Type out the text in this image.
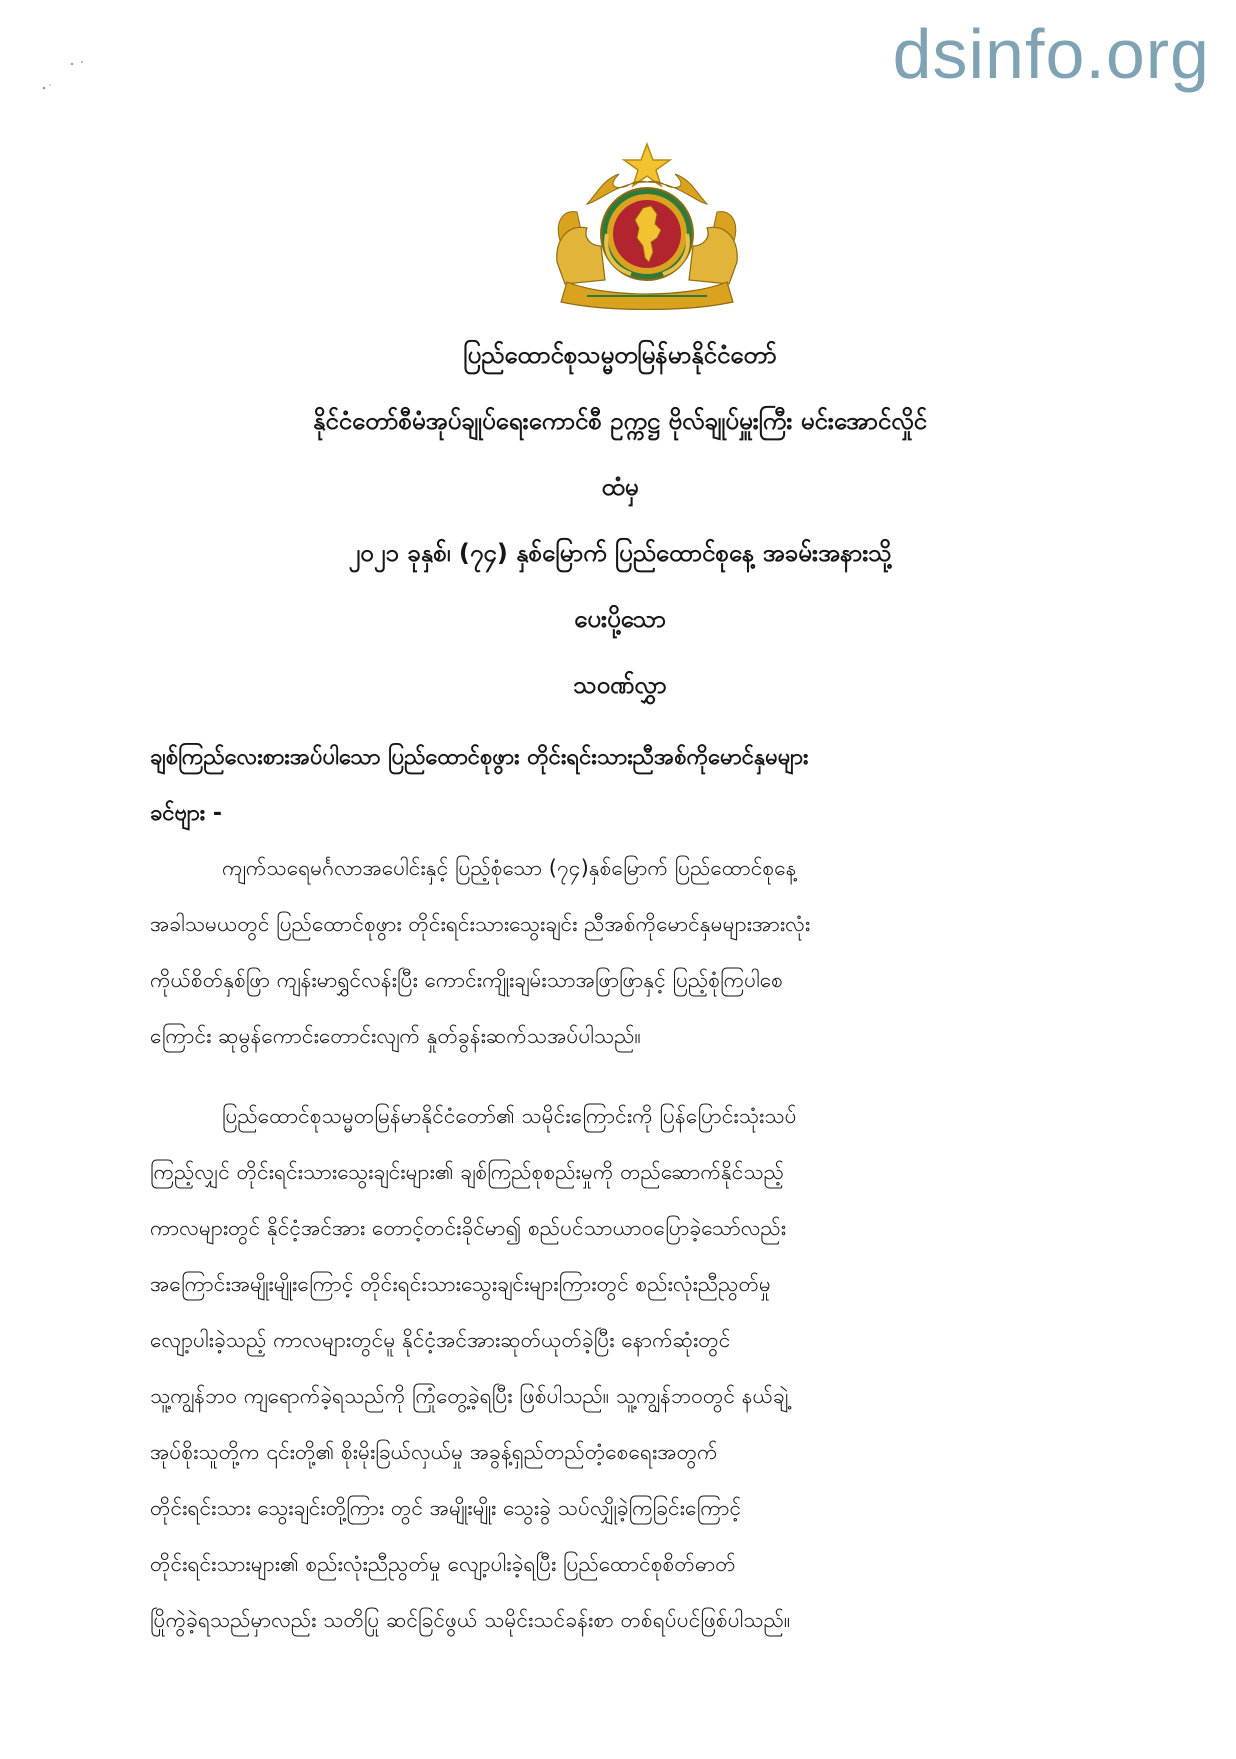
dsinfo.org
ပြည်ထောင်စုသမ္မတမြန်မာနိုင်ငံတော်
နိုင်ငံတော်စီမံအုပ်ချုပ်ရေးကောင်စီ ဥက္ကဋ္ဌ ဗိုလ်ချုပ်မှူးကြီး မင်းအောင်လှိုင်
ထံမှ
၂၀၂၁ ခုနှစ်၊ (၇၄) နှစ်မြောက် ပြည်ထောင်စုနေ့ အခမ်းအနားသို့
ပေးပို့သော
သဝဏ်လွှာ
ချစ်ကြည်လေးစားအပ်ပါသော ပြည်ထောင်စုဖွား တိုင်းရင်းသားညီအစ်ကိုမောင်နှမများ
ခင်ဗျား -
ကျက်သရေမင်္ဂလာအပေါင်းနှင့် ပြည့်စုံသော (၇၄)နှစ်မြောက် ပြည်ထောင်စုနေ့
အခါသမယတွင် ပြည်ထောင်စုဖွား တိုင်းရင်းသားသွေးချင်း ညီအစ်ကိုမောင်နှမများအားလုံး
ကိုယ်စိတ်နှစ်ဖြာ ကျန်းမာရွှင်လန်းပြီး ကောင်းကျိုးချမ်းသာအဖြာဖြာနှင့် ပြည့်စုံကြပါစေ
ကြောင်း ဆုမွန်ကောင်းတောင်းလျက် နှုတ်ခွန်းဆက်သအပ်ပါသည်။
ပြည်ထောင်စုသမ္မတမြန်မာနိုင်ငံတော်၏ သမိုင်းကြောင်းကို ပြန်ပြောင်းသုံးသပ်
ကြည့်လျှင် တိုင်းရင်းသားသွေးချင်းများ၏ ချစ်ကြည်စုစည်းမှုကို တည်ဆောက်နိုင်သည့်
ကာလများတွင် နိုင်ငံ့အင်အား တောင့်တင်းခိုင်မာ၍ စည်ပင်သာယာဝပြောခဲ့သော်လည်း
အကြောင်းအမျိုးမျိုးကြောင့် တိုင်းရင်းသားသွေးချင်းများကြားတွင် စည်းလုံးညီညွတ်မှု
လျော့ပါးခဲ့သည့် ကာလများတွင်မူ နိုင်ငံ့အင်အားဆုတ်ယုတ်ခဲ့ပြီး နောက်ဆုံးတွင်
သူ့ကျွန်ဘဝ ကျရောက်ခဲ့ရသည်ကို ကြုံတွေ့ခဲ့ရပြီး ဖြစ်ပါသည်။ သူ့ကျွန်ဘဝတွင် နယ်ချဲ့
အုပ်စိုးသူတို့က ၎င်းတို့၏ စိုးမိုးခြယ်လှယ်မှု အခွန့်ရှည်တည်တံ့စေရေးအတွက်
တိုင်းရင်းသား သွေးချင်းတို့ကြား တွင် အမျိုးမျိုး သွေးခွဲ သပ်လျှိုခဲ့ကြခြင်းကြောင့်
တိုင်းရင်းသားများ၏ စည်းလုံးညီညွတ်မှု လျော့ပါးခဲ့ရပြီး ပြည်ထောင်စုစိတ်ဓာတ်
ပြိုကွဲခဲ့ရသည်မှာလည်း သတိပြု ဆင်ခြင်ဖွယ် သမိုင်းသင်ခန်းစာ တစ်ရပ်ပင်ဖြစ်ပါသည်။
